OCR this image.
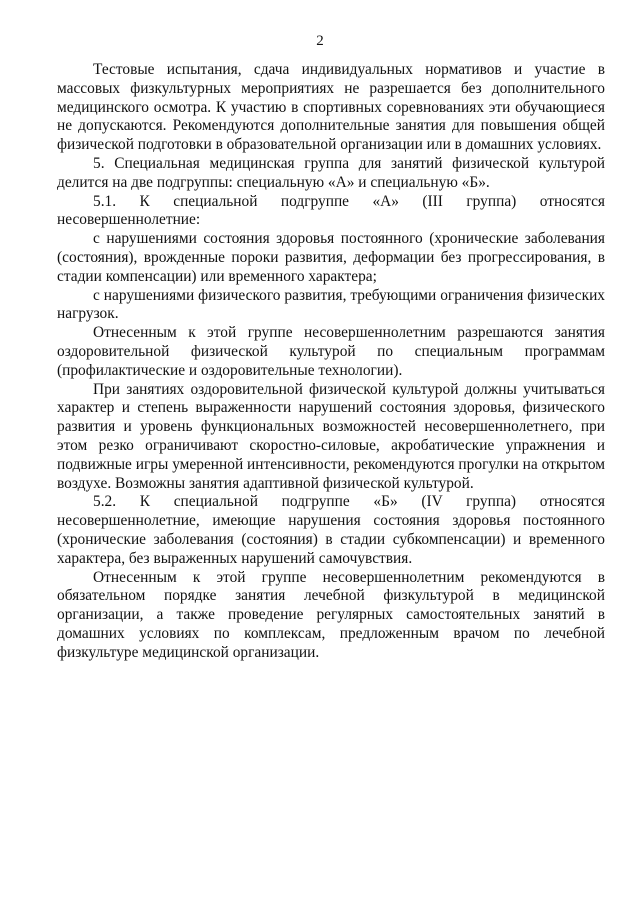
2

Тестовые испытания, сдача индивидуальных нормативов и участие в массовых физкультурных мероприятиях не разрешается без дополнительного медицинского осмотра. К участию в спортивных соревнованиях эти обучающиеся не допускаются. Рекомендуются дополнительные занятия для повышения общей физической подготовки в образовательной организации или в домашних условиях.

5. Специальная медицинская группа для занятий физической культурой делится на две подгруппы: специальную «А» и специальную «Б».

5.1. К специальной подгруппе «А» (III группа) относятся несовершеннолетние:

с нарушениями состояния здоровья постоянного (хронические заболевания (состояния), врожденные пороки развития, деформации без прогрессирования, в стадии компенсации) или временного характера;

с нарушениями физического развития, требующими ограничения физических нагрузок.

Отнесенным к этой группе несовершеннолетним разрешаются занятия оздоровительной физической культурой по специальным программам (профилактические и оздоровительные технологии).

При занятиях оздоровительной физической культурой должны учитываться характер и степень выраженности нарушений состояния здоровья, физического развития и уровень функциональных возможностей несовершеннолетнего, при этом резко ограничивают скоростно-силовые, акробатические упражнения и подвижные игры умеренной интенсивности, рекомендуются прогулки на открытом воздухе. Возможны занятия адаптивной физической культурой.

5.2. К специальной подгруппе «Б» (IV группа) относятся несовершеннолетние, имеющие нарушения состояния здоровья постоянного (хронические заболевания (состояния) в стадии субкомпенсации) и временного характера, без выраженных нарушений самочувствия.

Отнесенным к этой группе несовершеннолетним рекомендуются в обязательном порядке занятия лечебной физкультурой в медицинской организации, а также проведение регулярных самостоятельных занятий в домашних условиях по комплексам, предложенным врачом по лечебной физкультуре медицинской организации.
